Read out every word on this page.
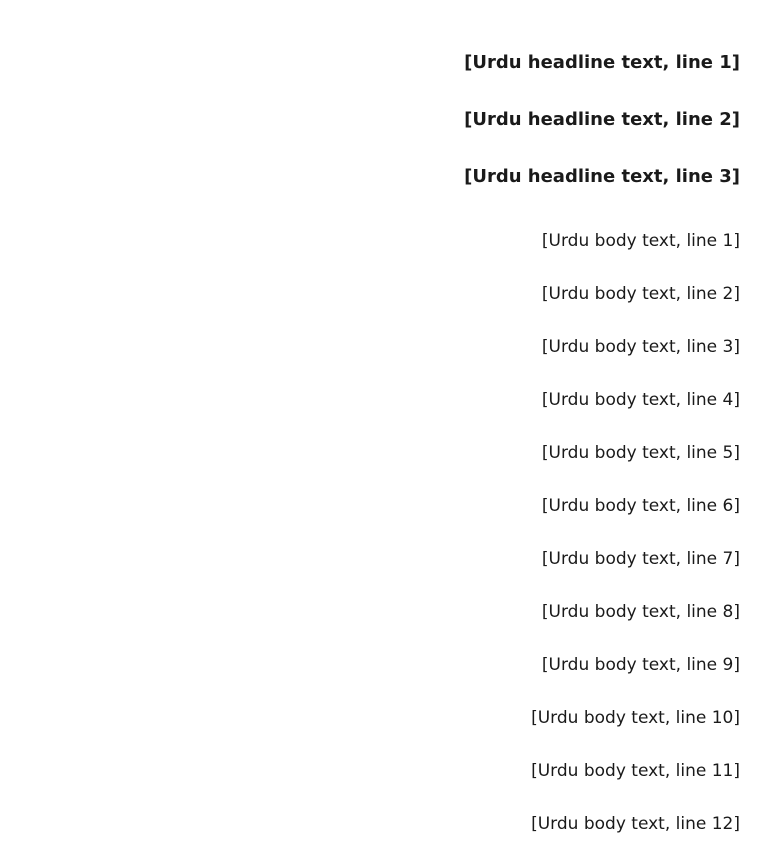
[Urdu headline text, line 1]
[Urdu headline text, line 2]
[Urdu headline text, line 3]
[Urdu body text, line 1]
[Urdu body text, line 2]
[Urdu body text, line 3]
[Urdu body text, line 4]
[Urdu body text, line 5]
[Urdu body text, line 6]
[Urdu body text, line 7]
[Urdu body text, line 8]
[Urdu body text, line 9]
[Urdu body text, line 10]
[Urdu body text, line 11]
[Urdu body text, line 12]
